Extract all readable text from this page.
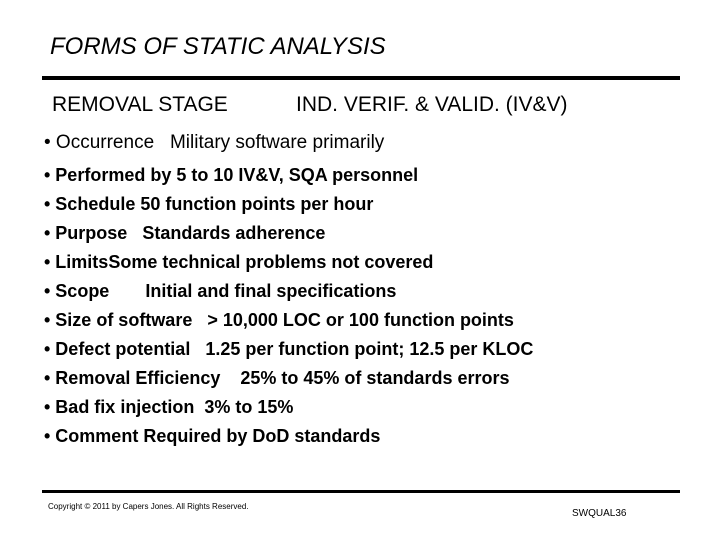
FORMS OF STATIC ANALYSIS
REMOVAL STAGE	IND. VERIF. & VALID. (IV&V)
• Occurrence Military software primarily
• Performed by 5 to 10 IV&V, SQA personnel
• Schedule 50 function points per hour
• Purpose Standards adherence
• LimitsSome technical problems not covered
• Scope Initial and final specifications
• Size of software > 10,000 LOC or 100 function points
• Defect potential 1.25 per function point; 12.5 per KLOC
• Removal Efficiency 25% to 45% of standards errors
• Bad fix injection 3% to 15%
• Comment Required by DoD standards
Copyright © 2011 by Capers Jones. All Rights Reserved.
SWQUAL36
